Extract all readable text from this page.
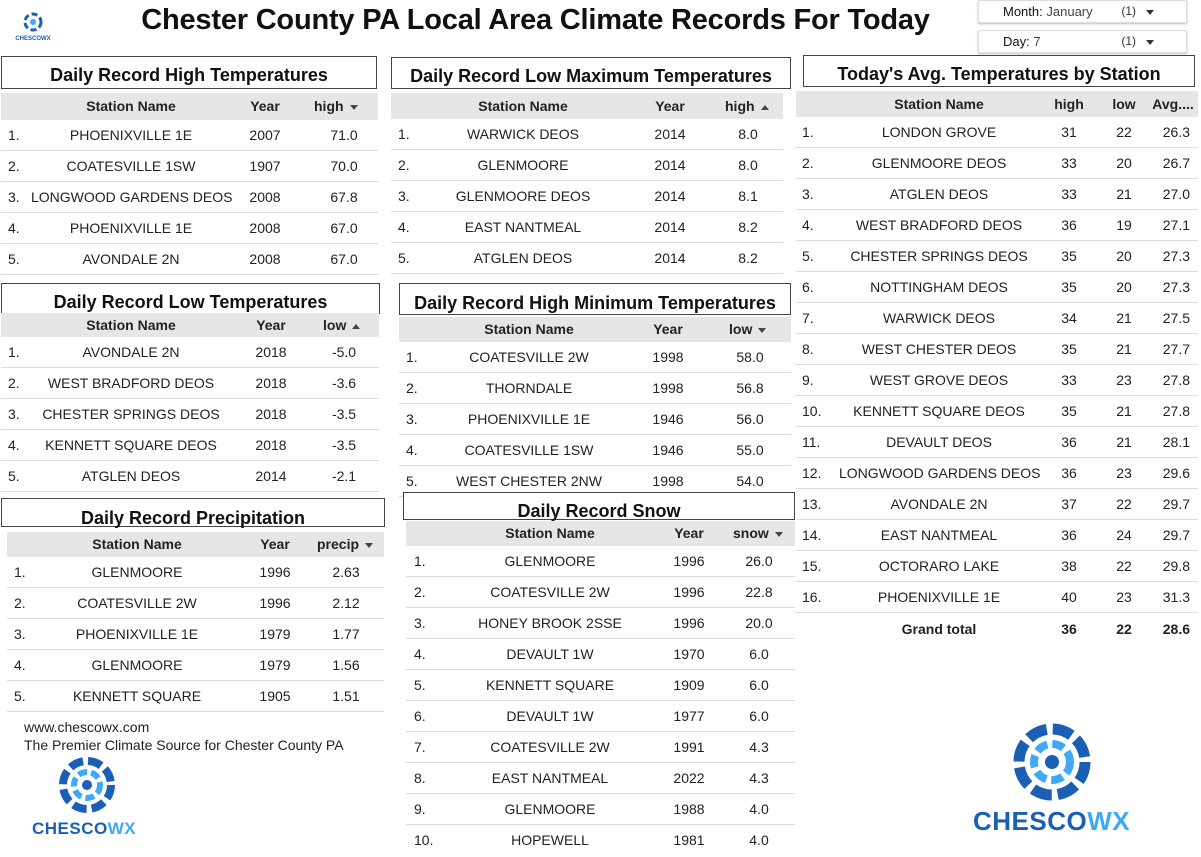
CHESCOWX
Chester County PA Local Area Climate Records For Today	Month: January (1)
Day: 7	(1)
Daily Record High Temperatures
Station Name	Year	high
1.	PHOENIXVILLE 1E	2007	71.0
2.	COATESVILLE 1SW	1907	70.0
3. LONGWOOD GARDENS DEOS	2008	67.8
4.	PHOENIXVILLE 1E	2008	67.0
5.	AVONDALE 2N	2008	67.0
Daily Record Low Temperatures
Station Name	Year	low
1.	AVONDALE 2N	2018	-5.0
2.	WEST BRADFORD DEOS	2018	-3.6
3.	CHESTER SPRINGS DEOS	2018	-3.5
4.	KENNETT SQUARE DEOS	2018	-3.5
5.	ATGLEN DEOS	2014	-2.1
Daily Record Precipitation
Station Name	Year	precip
1.	GLENMOORE	1996	2.63
2.	COATESVILLE 2W	1996	2.12
3.	PHOENIXVILLE 1E	1979	1.77
4.	GLENMOORE	1979	1.56
5.	KENNETT SQUARE	1905	1.51
www.chescowx.com
The Premier Climate Source for Chester County PA
CHESCOWX
Daily Record Low Maximum Temperatures
Station Name	Year	high
1.	WARWICK DEOS	2014	8.0
2.	GLENMOORE	2014	8.0
3.	GLENMOORE DEOS	2014	8.1
4.	EAST NANTMEAL	2014	8.2
5.	ATGLEN DEOS	2014	8.2
Daily Record High Minimum Temperatures
Station Name	Year	low
1.	COATESVILLE 2W	1998	58.0
2.	THORNDALE	1998	56.8
3.	PHOENIXVILLE 1E	1946	56.0
4.	COATESVILLE 1SW	1946	55.0
5.	WEST CHESTER 2NW	1998	54.0
Daily Record Snow
Station Name	Year	snow
1.	GLENMOORE	1996	26.0
2.	COATESVILLE 2W	1996	22.8
3.	HONEY BROOK 2SSE	1996	20.0
4.	DEVAULT 1W	1970	6.0
5.	KENNETT SQUARE	1909	6.0
6.	DEVAULT 1W	1977	6.0
7.	COATESVILLE 2W	1991	4.3
8.	EAST NANTMEAL	2022	4.3
9.	GLENMOORE	1988	4.0
10.	HOPEWELL	1981	4.0
Today's Avg. Temperatures by Station
Station Name	high	low	Avg....
1.	LONDON GROVE	31	22	26.3
2.	GLENMOORE DEOS	33	20	26.7
3.	ATGLEN DEOS	33	21	27.0
4.	WEST BRADFORD DEOS	36	19	27.1
5.	CHESTER SPRINGS DEOS	35	20	27.3
6.	NOTTINGHAM DEOS	35	20	27.3
7.	WARWICK DEOS	34	21	27.5
8.	WEST CHESTER DEOS	35	21	27.7
9.	WEST GROVE DEOS	33	23	27.8
10.	KENNETT SQUARE DEOS	35	21	27.8
11.	DEVAULT DEOS	36	21	28.1
12. LONGWOOD GARDENS DEOS	36	23	29.6
13.	AVONDALE 2N	37	22	29.7
14.	EAST NANTMEAL	36	24	29.7
15.	OCTORARO LAKE	38	22	29.8
16.	PHOENIXVILLE 1E	40	23	31.3
Grand total	36	22	28.6
CHESCOWX
